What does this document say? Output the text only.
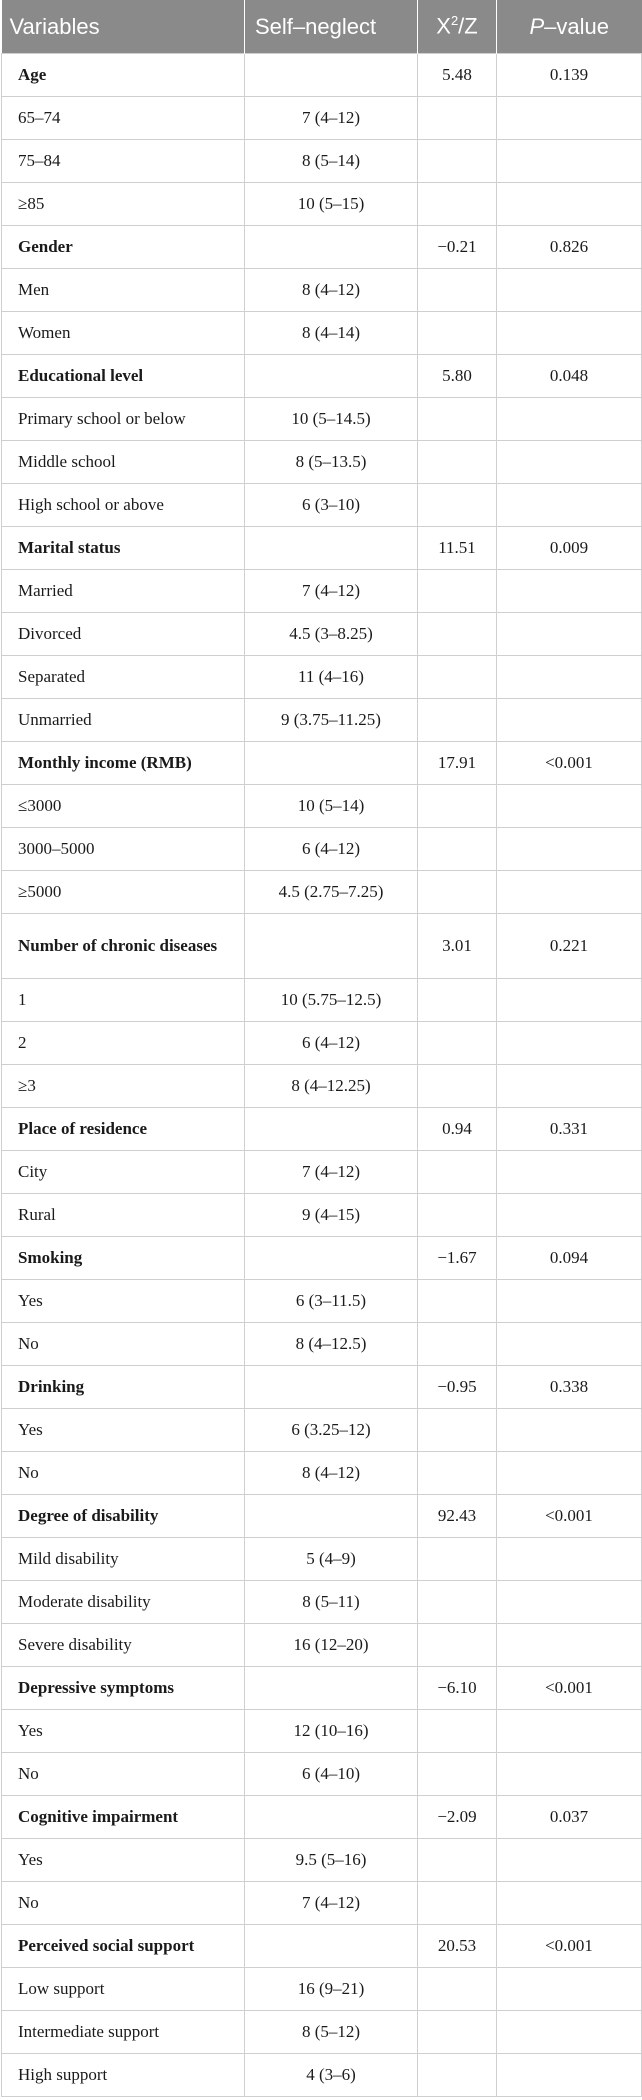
Variables	Self–neglect	$X^2/Z$	P–value
Age		5.48	0.139
65–74	7 (4–12)		
75–84	8 (5–14)		
≥85	10 (5–15)		
Gender		−0.21	0.826
Men	8 (4–12)		
Women	8 (4–14)		
Educational level		5.80	0.048
Primary school or below	10 (5–14.5)		
Middle school	8 (5–13.5)		
High school or above	6 (3–10)		
Marital status		11.51	0.009
Married	7 (4–12)		
Divorced	4.5 (3–8.25)		
Separated	11 (4–16)		
Unmarried	9 (3.75–11.25)		
Monthly income (RMB)		17.91	<0.001
≤3000	10 (5–14)		
3000–5000	6 (4–12)		
≥5000	4.5 (2.75–7.25)		
Number of chronic diseases		3.01	0.221
1	10 (5.75–12.5)		
2	6 (4–12)		
≥3	8 (4–12.25)		
Place of residence		0.94	0.331
City	7 (4–12)		
Rural	9 (4–15)		
Smoking		−1.67	0.094
Yes	6 (3–11.5)		
No	8 (4–12.5)		
Drinking		−0.95	0.338
Yes	6 (3.25–12)		
No	8 (4–12)		
Degree of disability		92.43	<0.001
Mild disability	5 (4–9)		
Moderate disability	8 (5–11)		
Severe disability	16 (12–20)		
Depressive symptoms		−6.10	<0.001
Yes	12 (10–16)		
No	6 (4–10)		
Cognitive impairment		−2.09	0.037
Yes	9.5 (5–16)		
No	7 (4–12)		
Perceived social support		20.53	<0.001
Low support	16 (9–21)		
Intermediate support	8 (5–12)		
High support	4 (3–6)		
